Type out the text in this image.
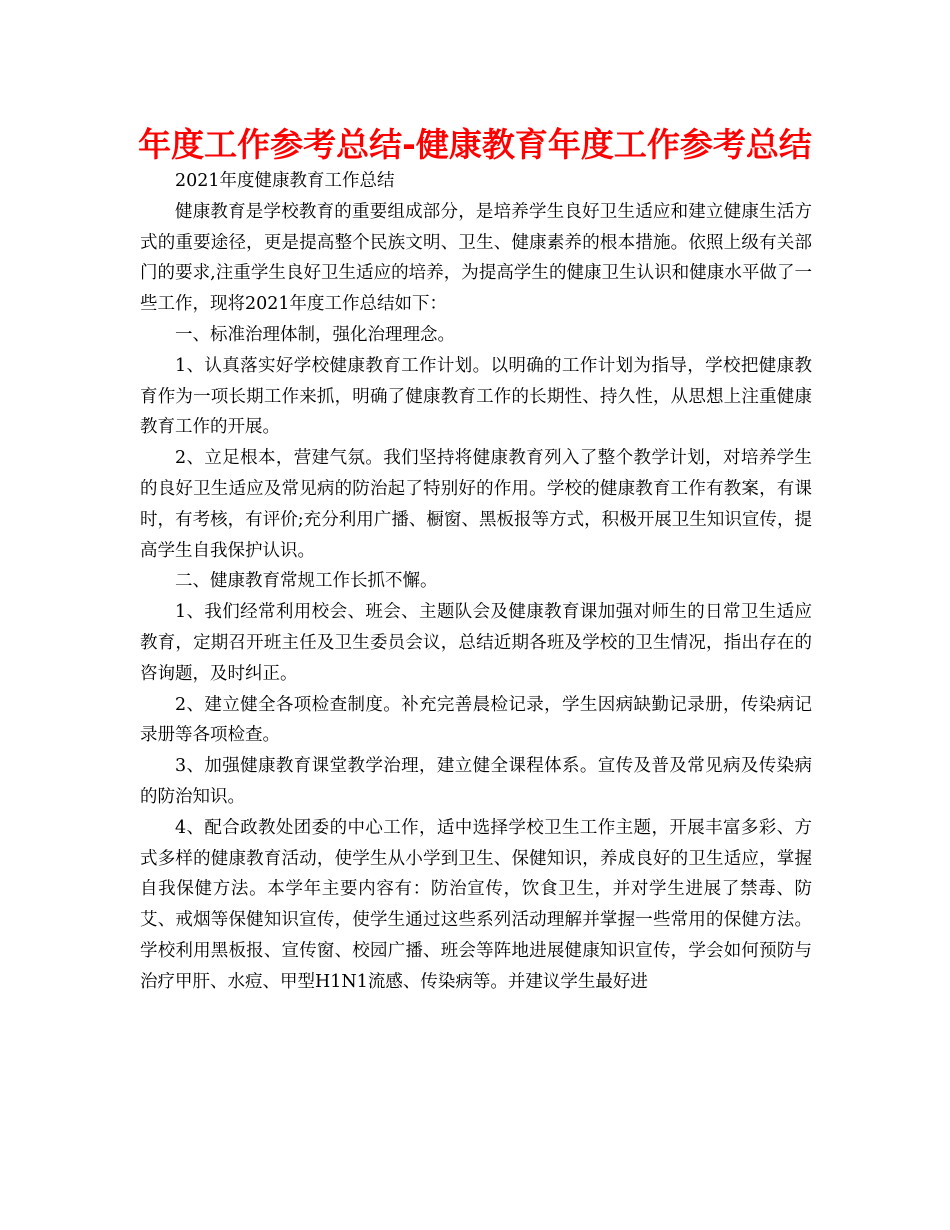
年度工作参考总结-健康教育年度工作参考总结

2021年度健康教育工作总结

健康教育是学校教育的重要组成部分，是培养学生良好卫生适应和建立健康生活方式的重要途径，更是提高整个民族文明、卫生、健康素养的根本措施。依照上级有关部门的要求,注重学生良好卫生适应的培养，为提高学生的健康卫生认识和健康水平做了一些工作，现将2021年度工作总结如下：

一、标准治理体制，强化治理理念。

1、认真落实好学校健康教育工作计划。以明确的工作计划为指导，学校把健康教育作为一项长期工作来抓，明确了健康教育工作的长期性、持久性，从思想上注重健康教育工作的开展。

2、立足根本，营建气氛。我们坚持将健康教育列入了整个教学计划，对培养学生的良好卫生适应及常见病的防治起了特别好的作用。学校的健康教育工作有教案，有课时，有考核，有评价;充分利用广播、橱窗、黑板报等方式，积极开展卫生知识宣传，提高学生自我保护认识。

二、健康教育常规工作长抓不懈。

1、我们经常利用校会、班会、主题队会及健康教育课加强对师生的日常卫生适应教育，定期召开班主任及卫生委员会议，总结近期各班及学校的卫生情况，指出存在的咨询题，及时纠正。

2、建立健全各项检查制度。补充完善晨检记录，学生因病缺勤记录册，传染病记录册等各项检查。

3、加强健康教育课堂教学治理，建立健全课程体系。宣传及普及常见病及传染病的防治知识。

4、配合政教处团委的中心工作，适中选择学校卫生工作主题，开展丰富多彩、方式多样的健康教育活动，使学生从小学到卫生、保健知识，养成良好的卫生适应，掌握自我保健方法。本学年主要内容有：防治宣传，饮食卫生，并对学生进展了禁毒、防艾、戒烟等保健知识宣传，使学生通过这些系列活动理解并掌握一些常用的保健方法。学校利用黑板报、宣传窗、校园广播、班会等阵地进展健康知识宣传，学会如何预防与治疗甲肝、水痘、甲型H1N1流感、传染病等。并建议学生最好进
